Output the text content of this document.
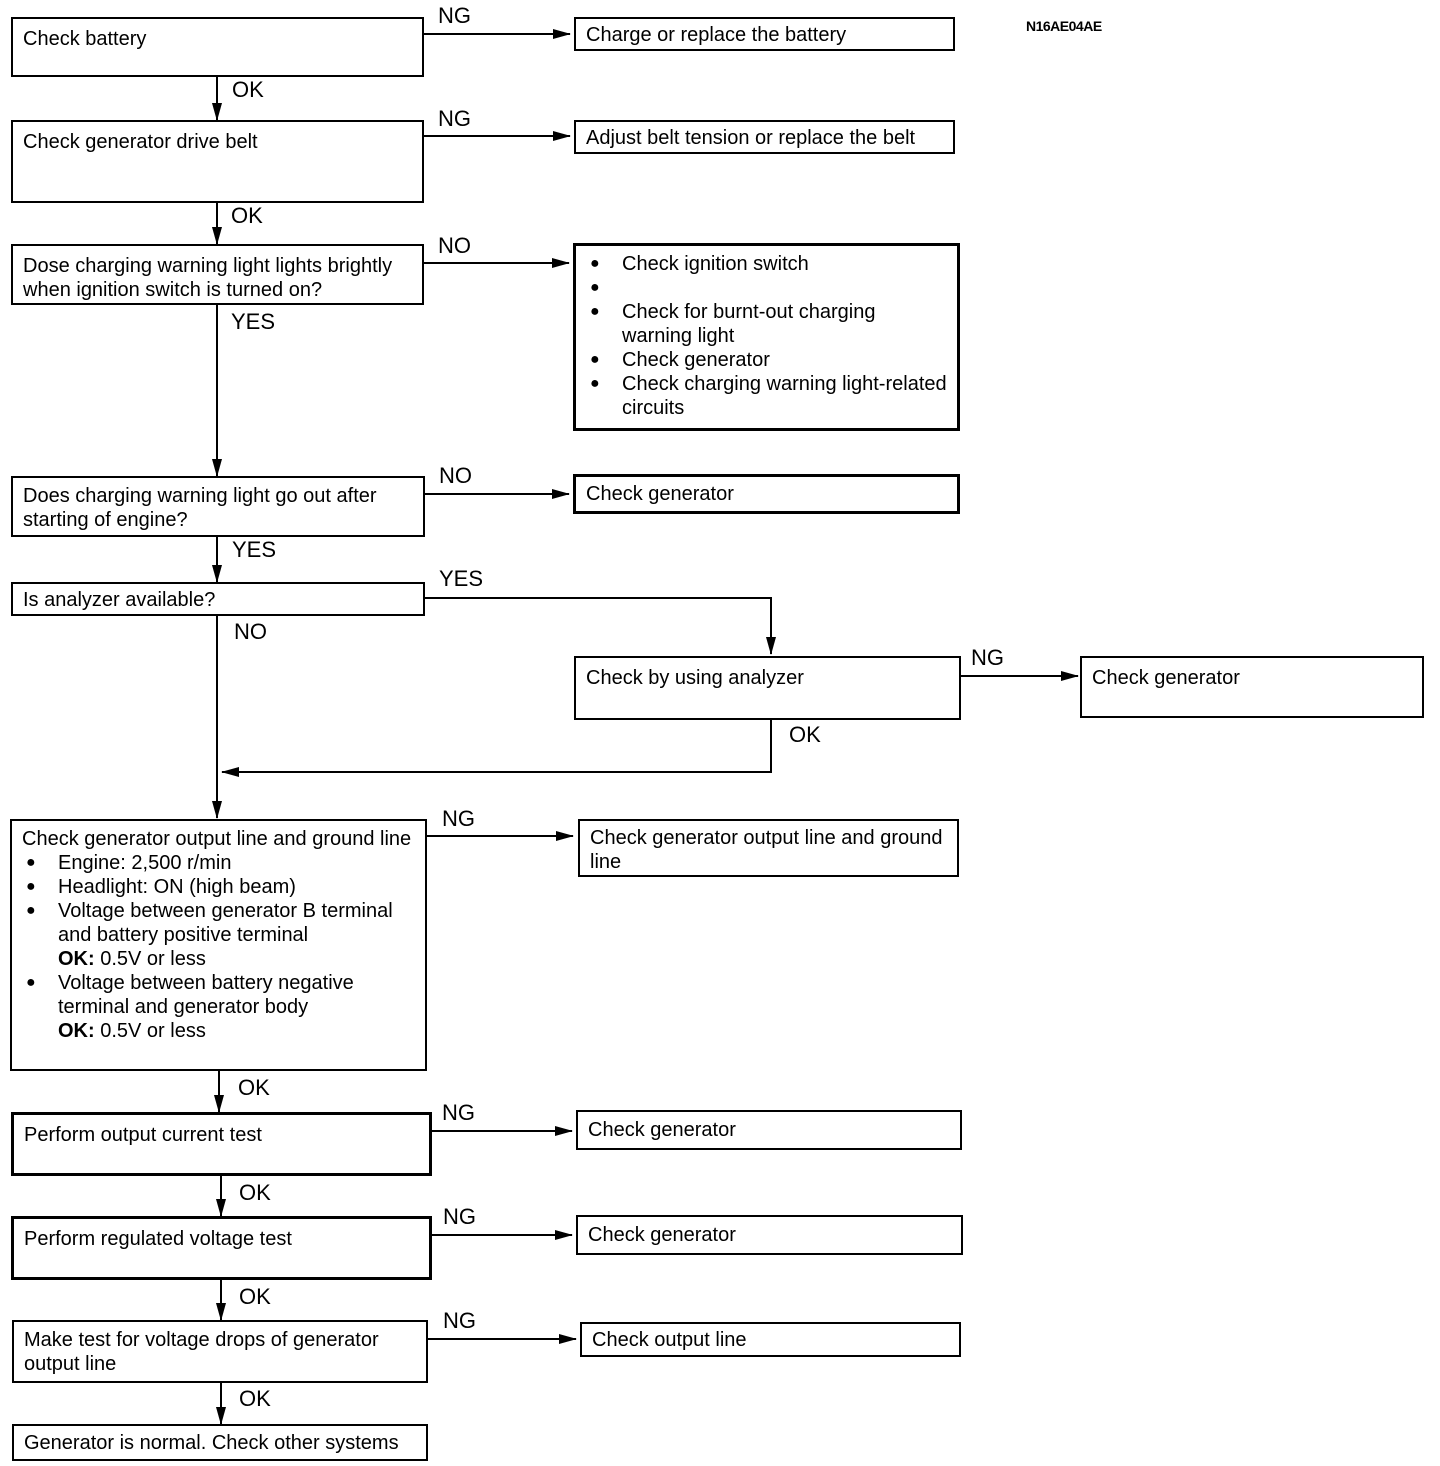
N16AE04AE
Check battery
Check generator drive belt
Dose charging warning light lights brightly when ignition switch is turned on?
Does charging warning light go out after starting of engine?
Is analyzer available?
Check generator output line and ground line
● Engine: 2,500 r/min
● Headlight: ON (high beam)
● Voltage between generator B terminal and battery positive terminal
OK: 0.5V or less
● Voltage between battery negative terminal and generator body
OK: 0.5V or less
Perform output current test
Perform regulated voltage test
Make test for voltage drops of generator output line
Generator is normal. Check other systems
Charge or replace the battery
Adjust belt tension or replace the belt
● Check ignition switch
●
● Check for burnt-out charging warning light
● Check generator
● Check charging warning light-related circuits
Check generator
Check by using analyzer	Check generator
Check generator output line and ground line
Check generator
Check generator
Check output line
NG
OK
NG
OK
NO
YES
NO
YES
YES
NO
NG
OK
NG
OK
NG
OK
NG
OK
NG
OK
